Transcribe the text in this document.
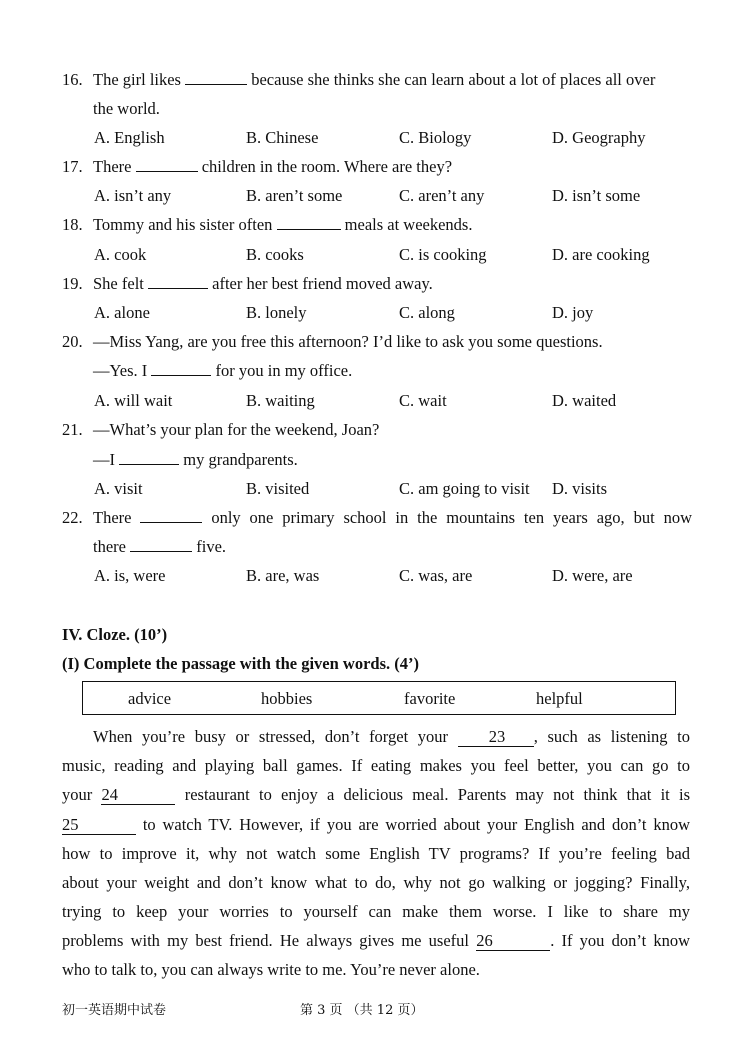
16. The girl likes	because she thinks she can learn about a lot of places all over
the world.
A. English	B. Chinese	C. Biology	D. Geography
17. There	children in the room. Where are they?
A. isn’t any	B. aren’t some	C. aren’t any	D. isn’t some
18. Tommy and his sister often	meals at weekends.
A. cook	B. cooks	C. is cooking	D. are cooking
19. She felt	after her best friend moved away.
A. alone	B. lonely	C. along	D. joy
20. —Miss Yang, are you free this afternoon? I’d like to ask you some questions.
—Yes. I	for you in my office.
A. will wait	B. waiting	C. wait	D. waited
21. —What’s your plan for the weekend, Joan?
—I	my grandparents.
A. visit	B. visited	C. am going to visit D. visits
22. There	only one primary school in the mountains ten years ago, but now
there	five.
A. is, were	B. are, was	C. was, are	D. were, are
IV. Cloze. (10’)
(I) Complete the passage with the given words. (4’)
advice	hobbies	favorite	helpful
When you’re busy or stressed, don’t forget your 23 , such as listening to
music, reading and playing ball games. If eating makes you feel better, you can go to
your 24	restaurant to enjoy a delicious meal. Parents may not think that it is
25	to watch TV. However, if you are worried about your English and don’t know
how to improve it, why not watch some English TV programs? If you’re feeling bad
about your weight and don’t know what to do, why not go walking or jogging? Finally,
trying to keep your worries to yourself can make them worse. I like to share my
problems with my best friend. He always gives me useful 26	. If you don’t know
who to talk to, you can always write to me. You’re never alone.
初一英语期中试卷	第 3 页 （共 12 页）
